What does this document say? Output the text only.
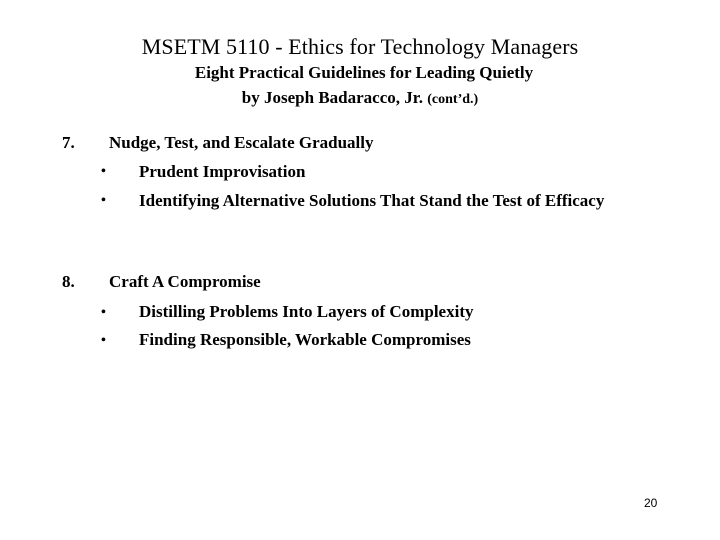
MSETM 5110 - Ethics for Technology Managers
Eight Practical Guidelines for Leading Quietly
by Joseph Badaracco, Jr. (cont’d.)
7. Nudge, Test, and Escalate Gradually
• Prudent Improvisation
• Identifying Alternative Solutions That Stand the Test of Efficacy
8. Craft A Compromise
• Distilling Problems Into Layers of Complexity
• Finding Responsible, Workable Compromises
20
